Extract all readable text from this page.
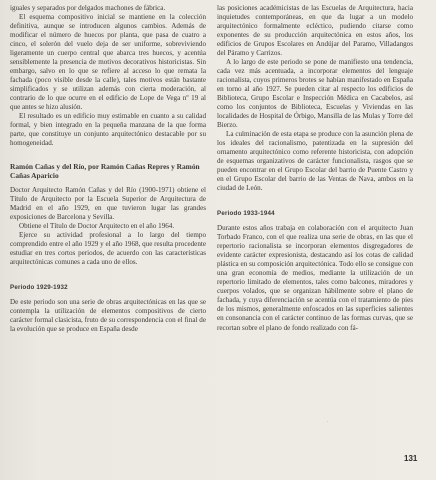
iguales y separados por delgados machones de fábrica.

El esquema compositivo inicial se mantiene en la colección definitiva, aunque se introducen algunos cambios. Además de modificar el número de huecos por planta, que pasa de cuatro a cinco, el solerón del vuelo deja de ser uniforme, sobreviviendo ligeramente un cuerpo central que abarca tres huecos, y acentúa sensiblemente la presencia de motivos decorativos historicistas. Sin embargo, salvo en lo que se refiere al acceso lo que remata la fachada (poco visible desde la calle), tales motivos están bastante simplificados y se utilizan además con cierta moderación, al contrario de lo que ocurre en el edificio de Lope de Vega nº 19 al que antes se hizo alusión.

El resultado es un edificio muy estimable en cuanto a su calidad formal, y bien integrado en la pequeña manzana de la que forma parte, que constituye un conjunto arquitectónico destacable por su homogeneidad.

Ramón Cañas y del Río, por Ramón Cañas Repres y Ramón Cañas Aparicio

Doctor Arquitecto Ramón Cañas y del Río (1900-1971) obtiene el Título de Arquitecto por la Escuela Superior de Arquitectura de Madrid en el año 1929, en que tuvieron lugar las grandes exposiciones de Barcelona y Sevilla.

Obtiene el Título de Doctor Arquitecto en el año 1964.

Ejerce su actividad profesional a lo largo del tiempo comprendido entre el año 1929 y el año 1968, que resulta procedente estudiar en tres cortos periodos, de acuerdo con las características arquitectónicas comunes a cada uno de ellos.

Periodo 1929-1932

De este periodo son una serie de obras arquitectónicas en las que se contempla la utilización de elementos compositivos de cierto carácter formal clasicista, fruto de su correspondencia con el final de la evolución que se produce en España desde

las posiciones académicistas de las Escuelas de Arquitectura, hacia inquietudes contemporáneas, en que da lugar a un modelo arquitectónico formalmente ecléctico, pudiendo citarse como exponentes de su producción arquitectónica en estos años, los edificios de Grupos Escolares en Andújar del Paramo, Villadangos del Páramo y Carrizos.

A lo largo de este periodo se pone de manifiesto una tendencia, cada vez más acentuada, a incorporar elementos del lenguaje racionalista, cuyos primeros brotes se habían manifestado en España en torno al año 1927. Se pueden citar al respecto los edificios de Biblioteca, Grupo Escolar e Inspección Médica en Cacabelos, así como los conjuntos de Biblioteca, Escuelas y Viviendas en las localidades de Hospital de Órbigo, Mansilla de las Mulas y Torre del Bierzo.

La culminación de esta etapa se produce con la asunción plena de los ideales del racionalismo, patentizada en la supresión del ornamento arquitectónico como referente historicista, con adopción de esquemas organizativos de carácter funcionalista, rasgos que se pueden encontrar en el Grupo Escolar del barrio de Puente Castro y en el Grupo Escolar del barrio de las Ventas de Nava, ambos en la ciudad de León.

Periodo 1933-1944

Durante estos años trabaja en colaboración con el arquitecto Juan Torbado Franco, con el que realiza una serie de obras, en las que el repertorio racionalista se incorporan elementos disgregadores de evidente carácter expresionista, destacando así los cotas de calidad plástica en su composición arquitectónica. Todo ello se consigue con una gran economía de medios, mediante la utilización de un repertorio limitado de elementos, tales como balcones, miradores y cuerpos volados, que se organizan hábilmente sobre el plano de fachada, y cuya diferenciación se acentúa con el tratamiento de pies de los mismos, generalmente enfoscados en las superficies salientes en consonancia con el carácter continuo de las formas curvas, que se recortan sobre el plano de fondo realizado con fá-

.
131
